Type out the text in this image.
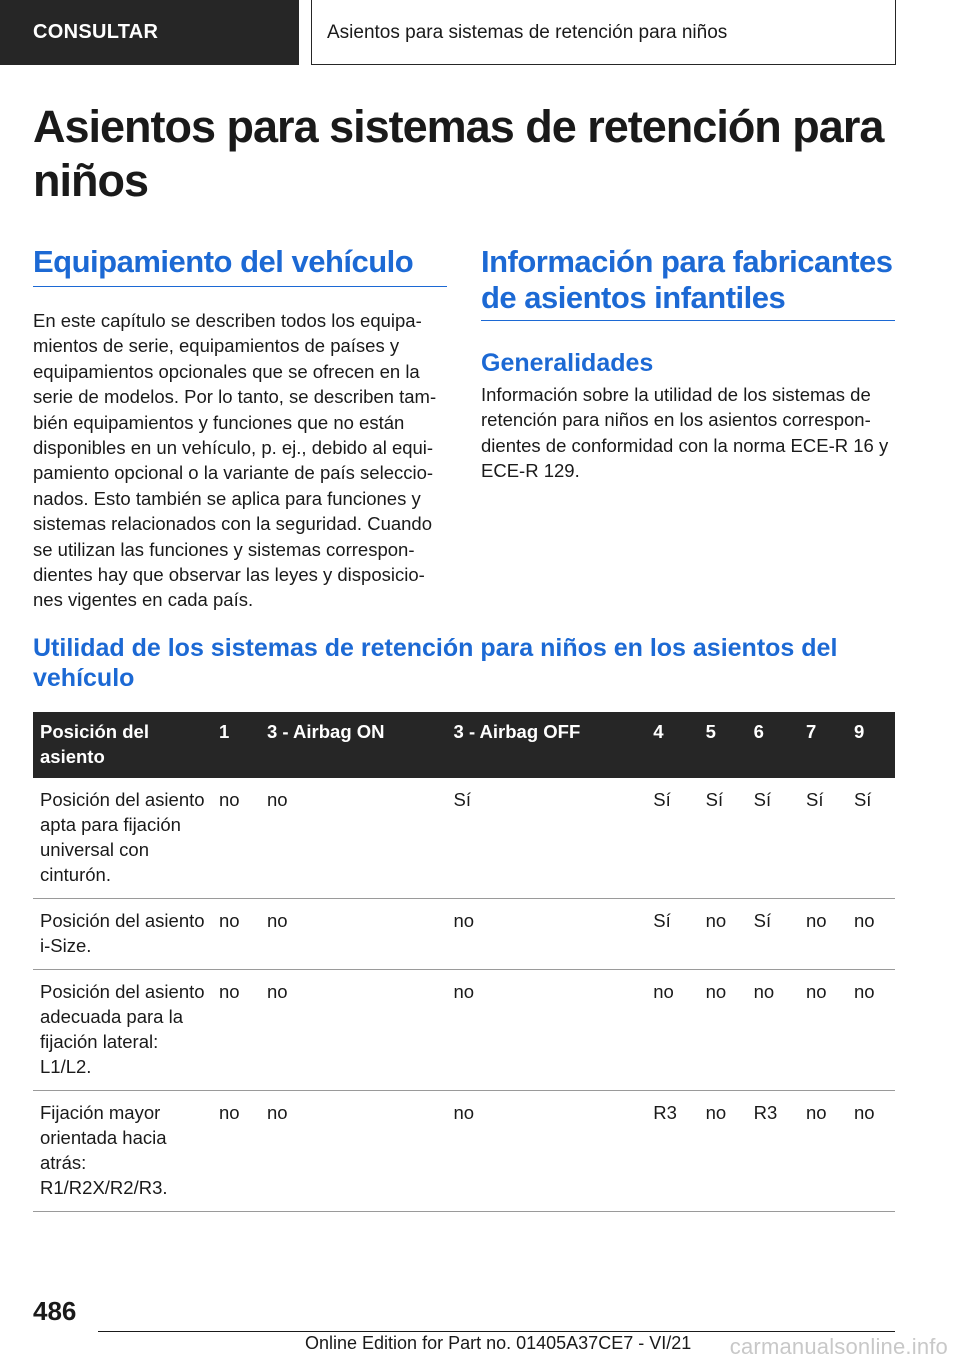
CONSULTAR	Asientos para sistemas de retención para niños
Asientos para sistemas de retención para niños
Equipamiento del vehículo

En este capítulo se describen todos los equipamientos de serie, equipamientos de países y equipamientos opcionales que se ofrecen en la serie de modelos. Por lo tanto, se describen también equipamientos y funciones que no están disponibles en un vehículo, p. ej., debido al equipamiento opcional o la variante de país seleccionados. Esto también se aplica para funciones y sistemas relacionados con la seguridad. Cuando se utilizan las funciones y sistemas correspondientes hay que observar las leyes y disposiciones vigentes en cada país.

Información para fabricantes de asientos infantiles
Generalidades

Información sobre la utilidad de los sistemas de retención para niños en los asientos correspondientes de conformidad con la norma ECE-R 16 y ECE-R 129.

Utilidad de los sistemas de retención para niños en los asientos del vehículo
Posición del asiento	1	3 - Airbag ON	3 - Airbag OFF	4	5	6	7	9
Posición del asiento apta para fijación universal con cinturón.	no	no	Sí	Sí	Sí	Sí	Sí	Sí
Posición del asiento i-Size.	no	no	no	Sí	no	Sí	no	no
Posición del asiento adecuada para la fijación lateral: L1/L2.	no	no	no	no	no	no	no	no
Fijación mayor orientada hacia atrás: R1/R2X/R2/R3.	no	no	no	R3	no	R3	no	no
486
Online Edition for Part no. 01405A37CE7 - VI/21 carmanualsonline.info
